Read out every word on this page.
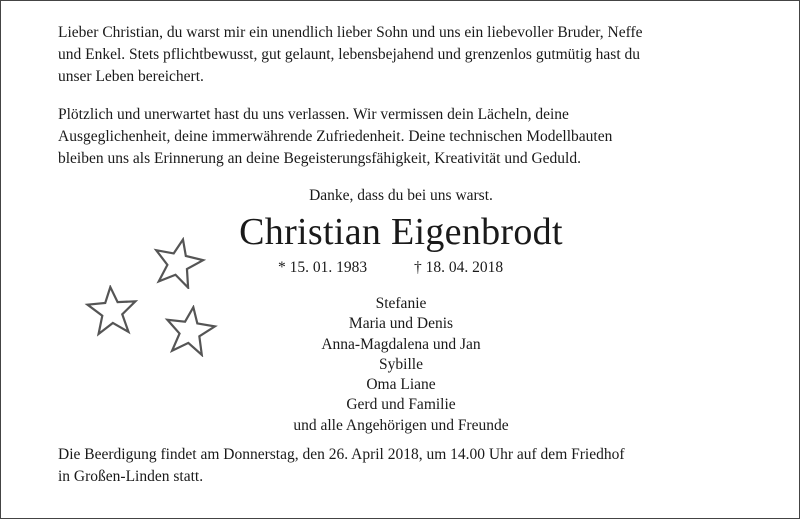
Lieber Christian, du warst mir ein unendlich lieber Sohn und uns ein liebevoller Bruder, Neffe
und Enkel. Stets pflichtbewusst, gut gelaunt, lebensbejahend und grenzenlos gutmütig hast du
unser Leben bereichert.
Plötzlich und unerwartet hast du uns verlassen. Wir vermissen dein Lächeln, deine
Ausgeglichenheit, deine immerwährende Zufriedenheit. Deine technischen Modellbauten
bleiben uns als Erinnerung an deine Begeisterungsfähigkeit, Kreativität und Geduld.
Danke, dass du bei uns warst.
Christian Eigenbrodt
* 15. 01. 1983	† 18. 04. 2018
Stefanie
Maria und Denis
Anna-Magdalena und Jan
Sybille
Oma Liane
Gerd und Familie
und alle Angehörigen und Freunde
Die Beerdigung findet am Donnerstag, den 26. April 2018, um 14.00 Uhr auf dem Friedhof
in Großen-Linden statt.
